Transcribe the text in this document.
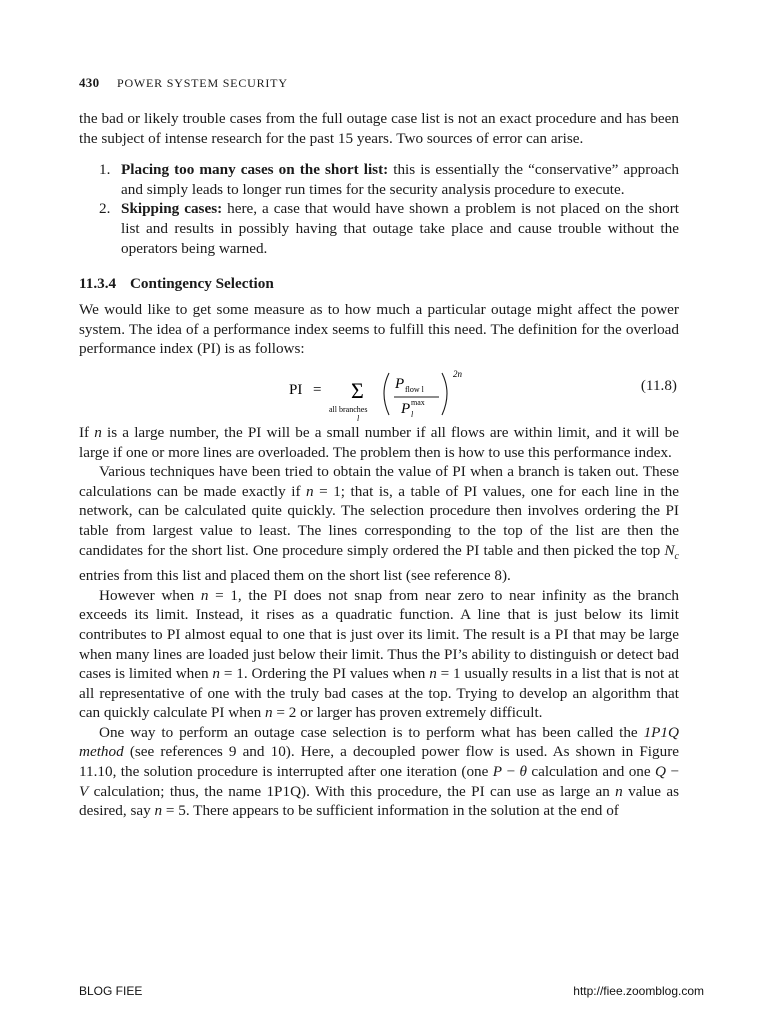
430 POWER SYSTEM SECURITY

the bad or likely trouble cases from the full outage case list is not an exact procedure and has been the subject of intense research for the past 15 years. Two sources of error can arise.

1. Placing too many cases on the short list: this is essentially the “conservative” approach and simply leads to longer run times for the security analysis procedure to execute.
2. Skipping cases: here, a case that would have shown a problem is not placed on the short list and results in possibly having that outage take place and cause trouble without the operators being warned.
11.3.4 Contingency Selection

We would like to get some measure as to how much a particular outage might affect the power system. The idea of a performance index seems to fulfill this need. The definition for the overload performance index (PI) is as follows:

PI = Σ
all branches
l
P flow l
P max
l
2n
(11.8)

If n is a large number, the PI will be a small number if all flows are within limit, and it will be large if one or more lines are overloaded. The problem then is how to use this performance index.

Various techniques have been tried to obtain the value of PI when a branch is taken out. These calculations can be made exactly if n = 1; that is, a table of PI values, one for each line in the network, can be calculated quite quickly. The selection procedure then involves ordering the PI table from largest value to least. The lines corresponding to the top of the list are then the candidates for the short list. One procedure simply ordered the PI table and then picked the top $N_c$ entries from this list and placed them on the short list (see reference 8).

However when n = 1, the PI does not snap from near zero to near infinity as the branch exceeds its limit. Instead, it rises as a quadratic function. A line that is just below its limit contributes to PI almost equal to one that is just over its limit. The result is a PI that may be large when many lines are loaded just below their limit. Thus the PI’s ability to distinguish or detect bad cases is limited when n = 1. Ordering the PI values when n = 1 usually results in a list that is not at all representative of one with the truly bad cases at the top. Trying to develop an algorithm that can quickly calculate PI when n = 2 or larger has proven extremely difficult.

One way to perform an outage case selection is to perform what has been called the 1P1Q method (see references 9 and 10). Here, a decoupled power flow is used. As shown in Figure 11.10, the solution procedure is interrupted after one iteration (one P − θ calculation and one Q − V calculation; thus, the name 1P1Q). With this procedure, the PI can use as large an n value as desired, say n = 5. There appears to be sufficient information in the solution at the end of

BLOG FIEE	http://fiee.zoomblog.com
